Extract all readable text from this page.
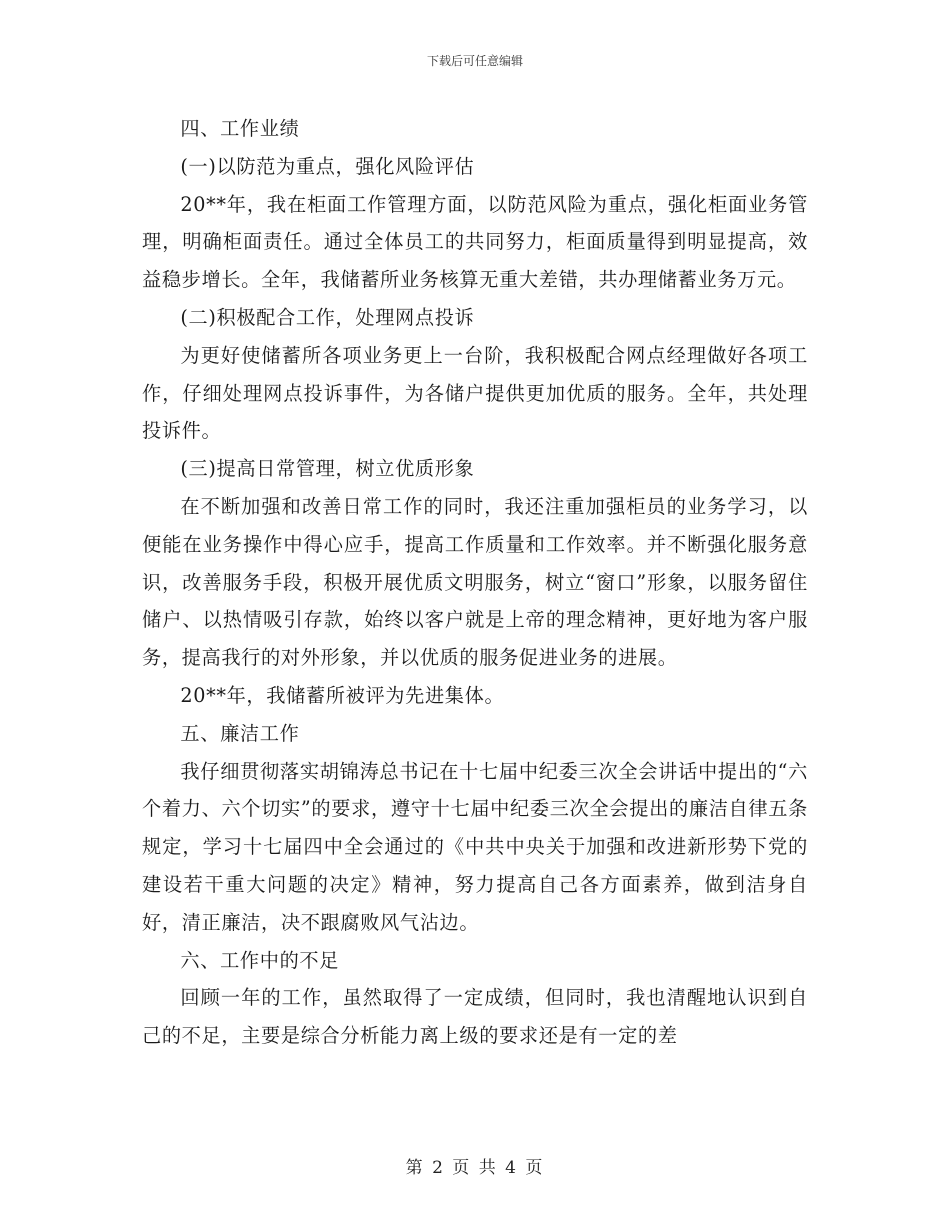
下载后可任意编辑

四、工作业绩

(一)以防范为重点，强化风险评估

20**年，我在柜面工作管理方面，以防范风险为重点，强化柜面业务管理，明确柜面责任。通过全体员工的共同努力，柜面质量得到明显提高，效益稳步增长。全年，我储蓄所业务核算无重大差错，共办理储蓄业务万元。

(二)积极配合工作，处理网点投诉

为更好使储蓄所各项业务更上一台阶，我积极配合网点经理做好各项工作，仔细处理网点投诉事件，为各储户提供更加优质的服务。全年，共处理投诉件。

(三)提高日常管理，树立优质形象

在不断加强和改善日常工作的同时，我还注重加强柜员的业务学习，以便能在业务操作中得心应手，提高工作质量和工作效率。并不断强化服务意识，改善服务手段，积极开展优质文明服务，树立“窗口”形象，以服务留住储户、以热情吸引存款，始终以客户就是上帝的理念精神，更好地为客户服务，提高我行的对外形象，并以优质的服务促进业务的进展。

20**年，我储蓄所被评为先进集体。

五、廉洁工作

我仔细贯彻落实胡锦涛总书记在十七届中纪委三次全会讲话中提出的“六个着力、六个切实”的要求，遵守十七届中纪委三次全会提出的廉洁自律五条规定，学习十七届四中全会通过的《中共中央关于加强和改进新形势下党的建设若干重大问题的决定》精神，努力提高自己各方面素养，做到洁身自好，清正廉洁，决不跟腐败风气沾边。

六、工作中的不足

回顾一年的工作，虽然取得了一定成绩，但同时，我也清醒地认识到自己的不足，主要是综合分析能力离上级的要求还是有一定的差

第 2 页 共 4 页
